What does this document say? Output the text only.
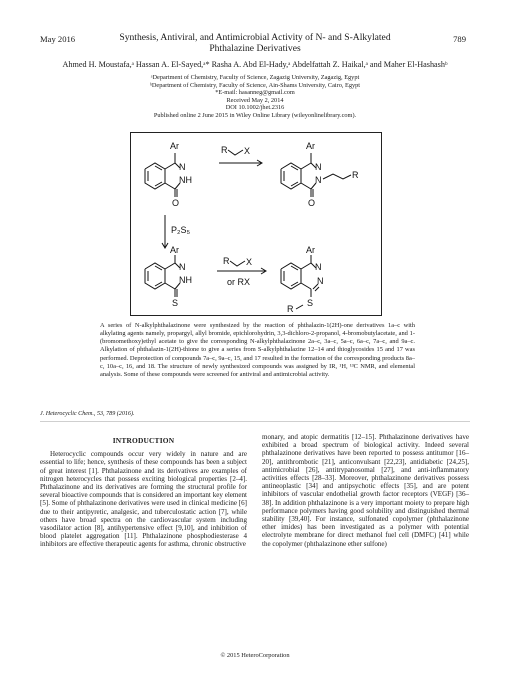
May 2016	Synthesis, Antiviral, and Antimicrobial Activity of N- and S-Alkylated
Phthalazine Derivatives
789
Ahmed H. Moustafa,ᵃ Hassan A. El-Sayed,ᵃ* Rasha A. Abd El-Hady,ᵃ Abdelfattah Z. Haikal,ᵃ and Maher El-Hashashᵇ
ᵃDepartment of Chemistry, Faculty of Science, Zagazig University, Zagazig, Egypt
ᵇDepartment of Chemistry, Faculty of Science, Ain-Shams University, Cairo, Egypt
*E-mail: hasanneg@gmail.com
Received May 2, 2014
DOI 10.1002/jhet.2316
Published online 2 June 2015 in Wiley Online Library (wileyonlinelibrary.com).
Ar
N
NH
O
R X	Ar
N
N
O
R
P₂S₅
Ar
N
NH
S
R X
or RX
Ar
N
N
S
R
A series of N-alkylphthalazinone were synthesized by the reaction of phthalazin-1(2H)-one derivatives 1a–c with alkylating agents namely, propargyl, allyl bromide, epichlorohydrin, 3,3-dichloro-2-propanol, 4-bromobutylacetate, and 1-(bromomethoxy)ethyl acetate to give the corresponding N-alkylphthalazinone 2a–c, 3a–c, 5a–c, 6a–c, 7a–c, and 9a–c. Alkylation of phthalazin-1(2H)-thione to give a series from S-alkylphthalazine 12–14 and thioglycosides 15 and 17 was performed. Deprotection of compounds 7a–c, 9a–c, 15, and 17 resulted in the formation of the corresponding products 8a–c, 10a–c, 16, and 18. The structure of newly synthesized compounds was assigned by IR, ¹H, ¹³C NMR, and elemental analysis. Some of these compounds were screened for antiviral and antimicrobial activity.
J. Heterocyclic Chem., 53, 789 (2016).
INTRODUCTION

Heterocyclic compounds occur very widely in nature and are essential to life; hence, synthesis of these compounds has been a subject of great interest [1]. Phthalazinone and its derivatives are examples of nitrogen heterocycles that possess exciting biological properties [2–4]. Phthalazinone and its derivatives are forming the structural profile for several bioactive compounds that is considered an important key element [5]. Some of phthalazinone derivatives were used in clinical medicine [6] due to their antipyretic, analgesic, and tuberculostatic action [7], while others have broad spectra on the cardiovascular system including vasodilator action [8], antihypertensive effect [9,10], and inhibition of blood platelet aggregation [11]. Phthalazinone phosphodiesterase 4 inhibitors are effective therapeutic agents for asthma, chronic obstructive

monary, and atopic dermatitis [12–15]. Phthalazinone derivatives have exhibited a broad spectrum of biological activity. Indeed several phthalazinone derivatives have been reported to possess antitumor [16–20], antithrombotic [21], anticonvulsant [22,23], antidiabetic [24,25], antimicrobial [26], antitrypanosomal [27], and anti-inflammatory activities effects [28–33]. Moreover, phthalazinone derivatives possess antineoplastic [34] and antipsychotic effects [35], and are potent inhibitors of vascular endothelial growth factor receptors (VEGF) [36–38]. In addition phthalazinone is a very important moiety to prepare high performance polymers having good solubility and distinguished thermal stability [39,40]. For instance, sulfonated copolymer (phthalazinone ether imides) has been investigated as a polymer with potential electrolyte membrane for direct methanol fuel cell (DMFC) [41] while the copolymer (phthalazinone ether sulfone)

© 2015 HeteroCorporation
